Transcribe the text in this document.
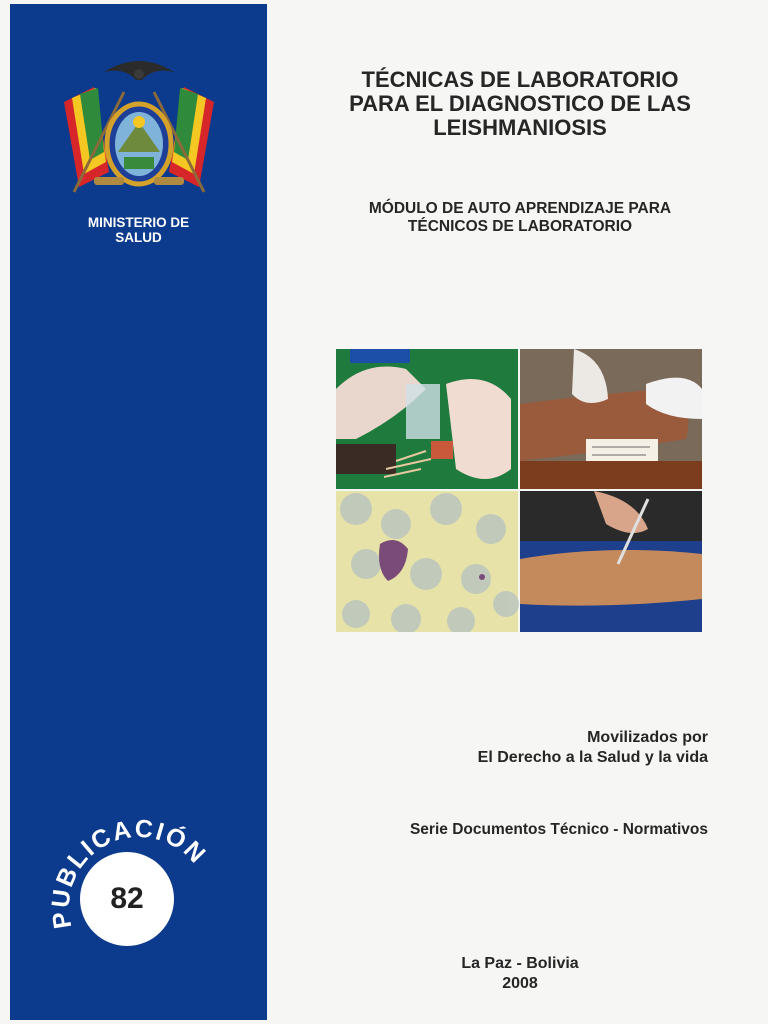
MINISTERIO DE
SALUD
PUBLICACIÓN
82
TÉCNICAS DE LABORATORIO
PARA EL DIAGNOSTICO DE LAS
LEISHMANIOSIS
MÓDULO DE AUTO APRENDIZAJE PARA
TÉCNICOS DE LABORATORIO
Movilizados por
El Derecho a la Salud y la vida
Serie Documentos Técnico - Normativos
La Paz - Bolivia
2008
